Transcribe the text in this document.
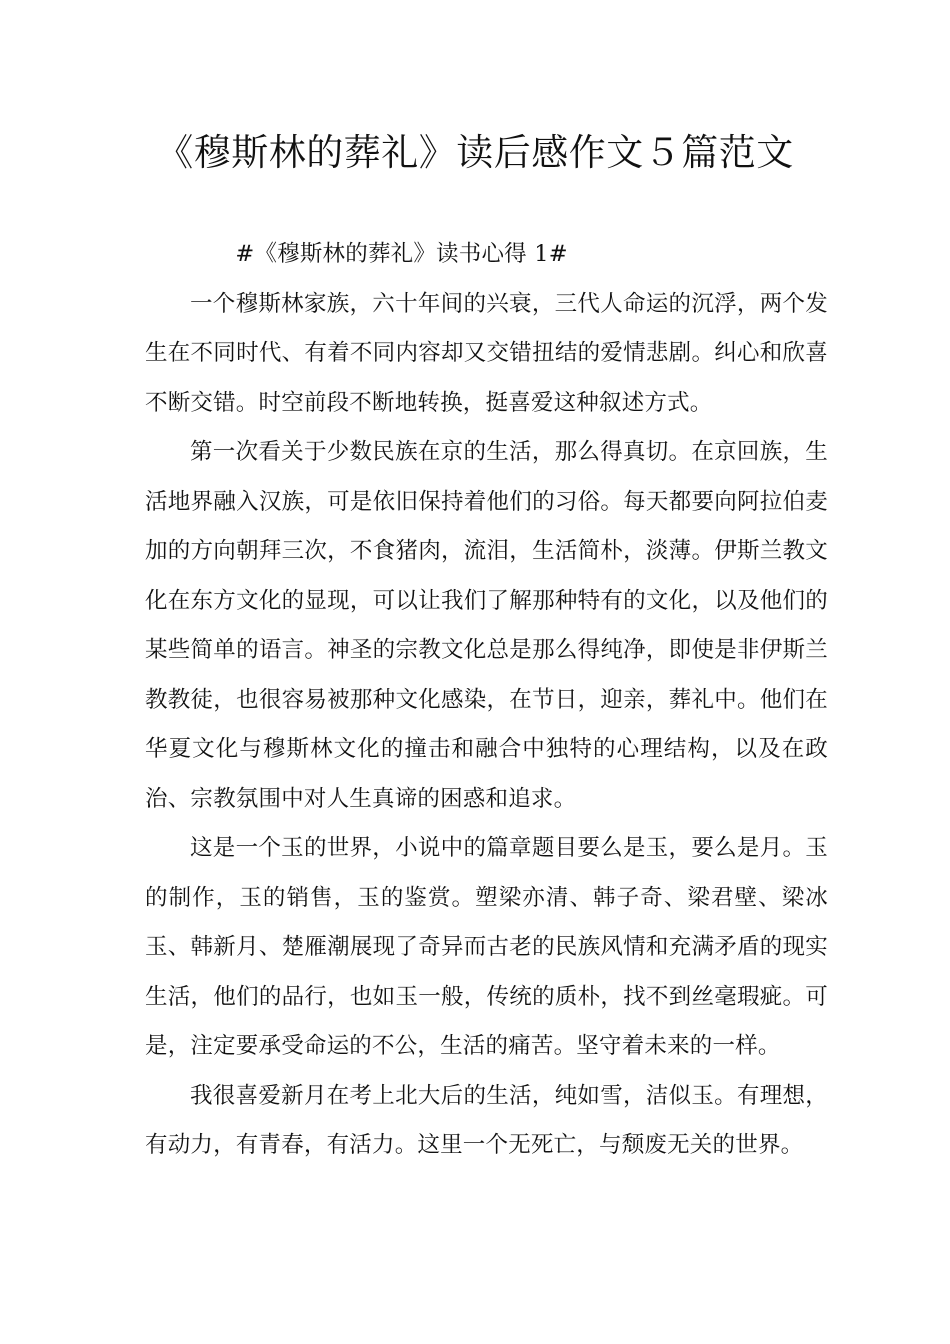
《穆斯林的葬礼》读后感作文５篇范文

  #《穆斯林的葬礼》读书心得 1#

一个穆斯林家族，六十年间的兴衰，三代人命运的沉浮，两个发生在不同时代、有着不同内容却又交错扭结的爱情悲剧。纠心和欣喜不断交错。时空前段不断地转换，挺喜爱这种叙述方式。

第一次看关于少数民族在京的生活，那么得真切。在京回族，生活地界融入汉族，可是依旧保持着他们的习俗。每天都要向阿拉伯麦加的方向朝拜三次，不食猪肉，流泪，生活简朴，淡薄。伊斯兰教文化在东方文化的显现，可以让我们了解那种特有的文化，以及他们的某些简单的语言。神圣的宗教文化总是那么得纯净，即使是非伊斯兰教教徒，也很容易被那种文化感染，在节日，迎亲，葬礼中。他们在华夏文化与穆斯林文化的撞击和融合中独特的心理结构，以及在政治、宗教氛围中对人生真谛的困惑和追求。

这是一个玉的世界，小说中的篇章题目要么是玉，要么是月。玉的制作，玉的销售，玉的鉴赏。塑梁亦清、韩子奇、梁君壁、梁冰玉、韩新月、楚雁潮展现了奇异而古老的民族风情和充满矛盾的现实生活，他们的品行，也如玉一般，传统的质朴，找不到丝毫瑕疵。可是，注定要承受命运的不公，生活的痛苦。坚守着未来的一样。

我很喜爱新月在考上北大后的生活，纯如雪，洁似玉。有理想，有动力，有青春，有活力。这里一个无死亡，与颓废无关的世界。
